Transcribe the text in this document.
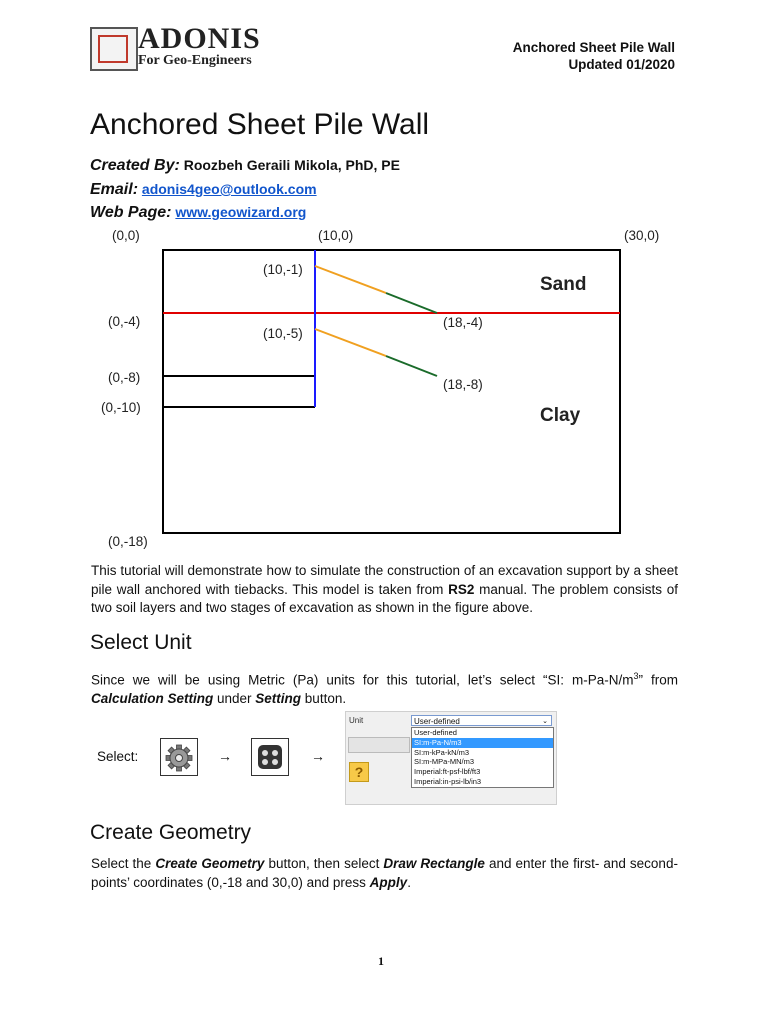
ADONIS
For Geo-Engineers
Anchored Sheet Pile Wall
Updated 01/2020
Anchored Sheet Pile Wall
Created By: Roozbeh Geraili Mikola, PhD, PE
Email: adonis4geo@outlook.com
Web Page: www.geowizard.org
(0,0)	(10,0)	(30,0)
(0,-4)
(0,-8)
(0,-10)
(0,-18)
(10,-1)
(10,-5)
(18,-4)
(18,-8)
Sand
Clay
This tutorial will demonstrate how to simulate the construction of an excavation support by a sheet pile wall anchored with tiebacks. This model is taken from RS2 manual. The problem consists of two soil layers and two stages of excavation as shown in the figure above.
Select Unit
Since we will be using Metric (Pa) units for this tutorial, let’s select “SI: $m-Pa-N/m^3$” from Calculation Setting under Setting button.
Select:	→	→
Unit	User-defined	⌄
?
User-defined
SI:m-Pa-N/m3
SI:m-kPa-kN/m3
SI:m-MPa-MN/m3
Imperial:ft-psf-lbf/ft3
Imperial:in-psi-lb/in3
Create Geometry
Select the Create Geometry button, then select Draw Rectangle and enter the first- and second-points’ coordinates (0,-18 and 30,0) and press Apply.
1
